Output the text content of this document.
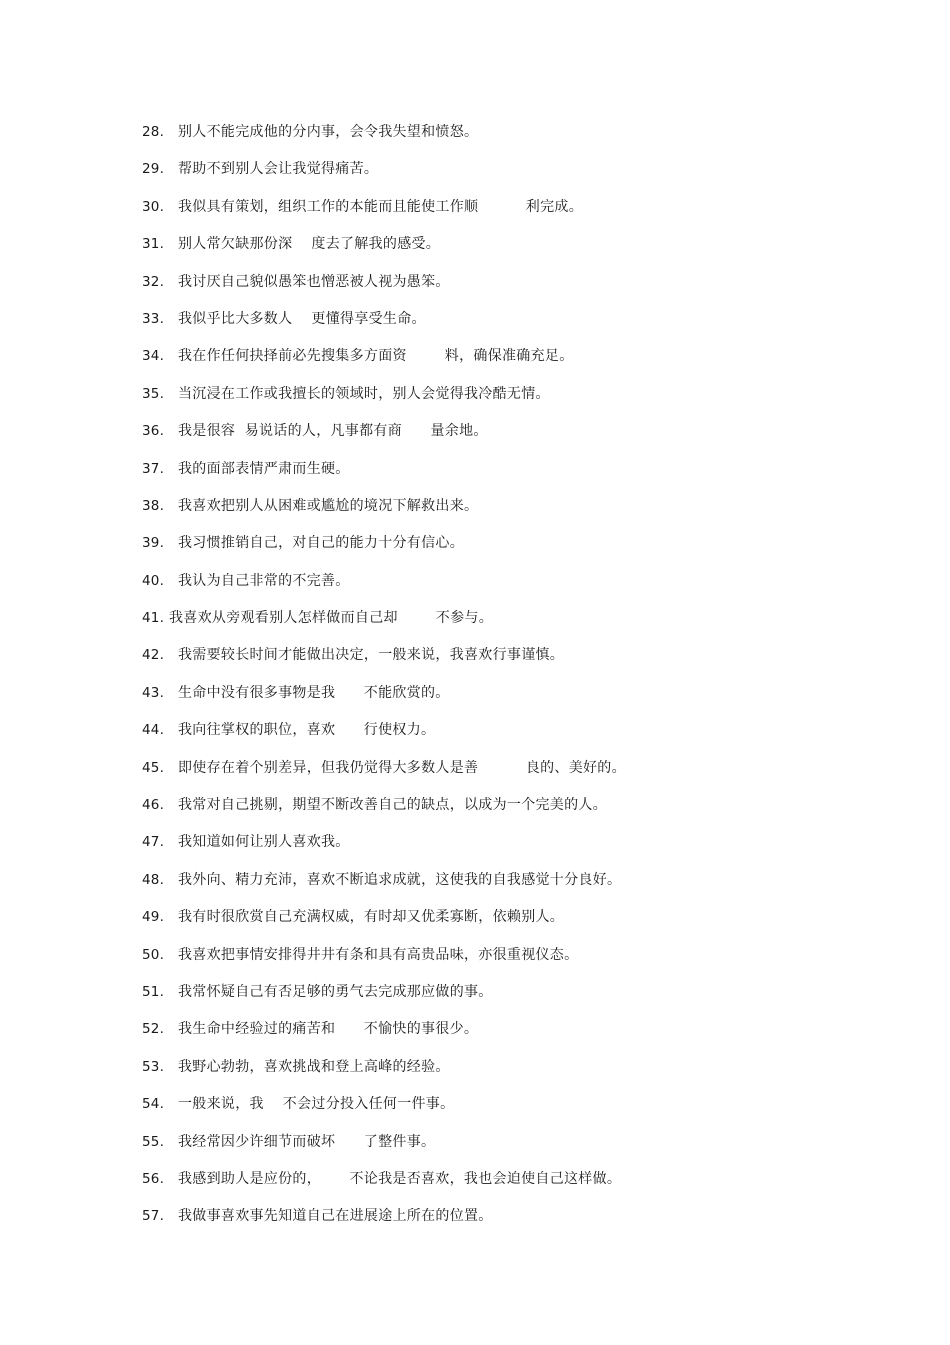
28. 别人不能完成他的分内事，会令我失望和愤怒。
29. 帮助不到别人会让我觉得痛苦。
30. 我似具有策划，组织工作的本能而且能使工作顺          利完成。
31. 别人常欠缺那份深    度去了解我的感受。
32. 我讨厌自己貌似愚笨也憎恶被人视为愚笨。
33. 我似乎比大多数人    更懂得享受生命。
34. 我在作任何抉择前必先搜集多方面资        料，确保准确充足。
35. 当沉浸在工作或我擅长的领域时，别人会觉得我冷酷无情。
36. 我是很容  易说话的人，凡事都有商      量余地。
37. 我的面部表情严肃而生硬。
38. 我喜欢把别人从困难或尴尬的境况下解救出来。
39. 我习惯推销自己，对自己的能力十分有信心。
40. 我认为自己非常的不完善。
41. 我喜欢从旁观看别人怎样做而自己却        不参与。
42. 我需要较长时间才能做出决定，一般来说，我喜欢行事谨慎。
43. 生命中没有很多事物是我      不能欣赏的。
44. 我向往掌权的职位，喜欢      行使权力。
45. 即使存在着个别差异，但我仍觉得大多数人是善          良的、美好的。
46. 我常对自己挑剔，期望不断改善自己的缺点，以成为一个完美的人。
47. 我知道如何让别人喜欢我。
48. 我外向、精力充沛，喜欢不断追求成就，这使我的自我感觉十分良好。
49. 我有时很欣赏自己充满权威，有时却又优柔寡断，依赖别人。
50. 我喜欢把事情安排得井井有条和具有高贵品味，亦很重视仪态。
51. 我常怀疑自己有否足够的勇气去完成那应做的事。
52. 我生命中经验过的痛苦和      不愉快的事很少。
53. 我野心勃勃，喜欢挑战和登上高峰的经验。
54. 一般来说，我    不会过分投入任何一件事。
55. 我经常因少许细节而破坏      了整件事。
56. 我感到助人是应份的，      不论我是否喜欢，我也会迫使自己这样做。
57. 我做事喜欢事先知道自己在进展途上所在的位置。
